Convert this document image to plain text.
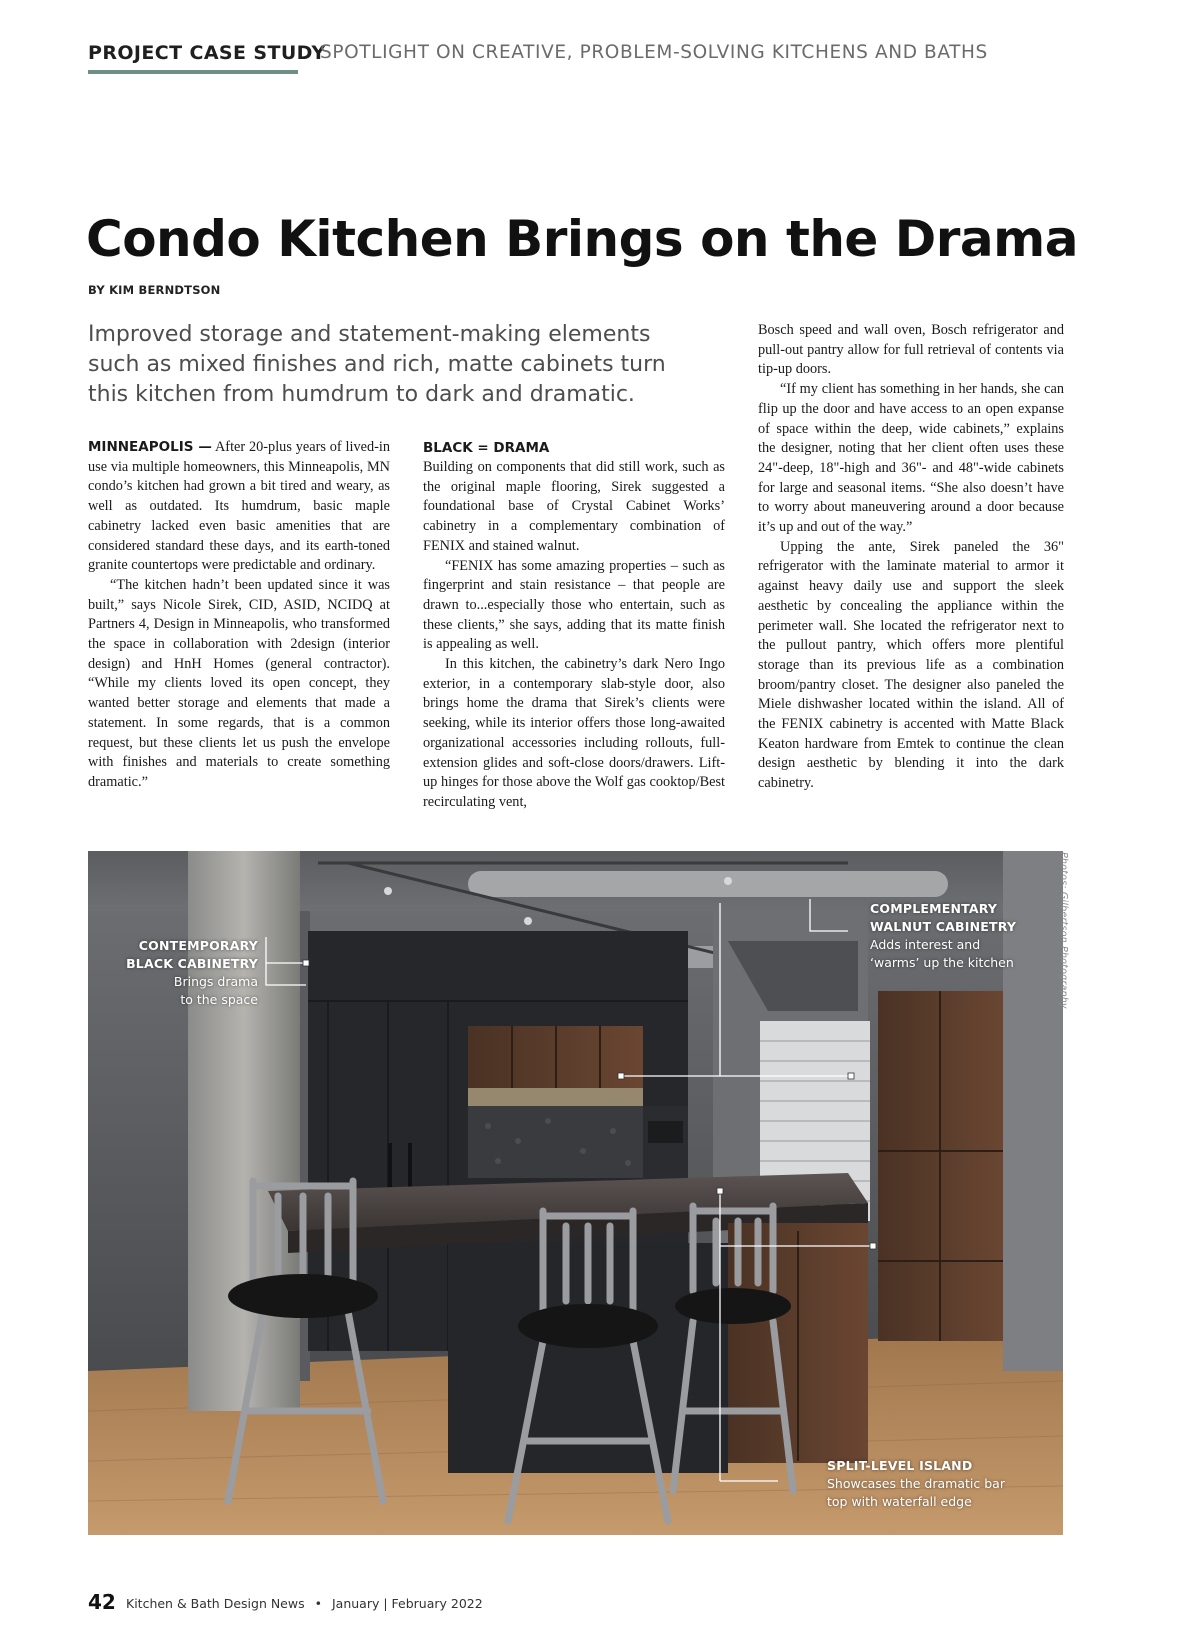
PROJECT CASE STUDY
SPOTLIGHT ON CREATIVE, PROBLEM-SOLVING KITCHENS AND BATHS
Condo Kitchen Brings on the Drama
BY KIM BERNDTSON

Improved storage and statement-making elements such as mixed finishes and rich, matte cabinets turn this kitchen from humdrum to dark and dramatic.

MINNEAPOLIS — After 20-plus years of lived-in use via multiple homeowners, this Minneapolis, MN condo’s kitchen had grown a bit tired and weary, as well as outdated. Its humdrum, basic maple cabinetry lacked even basic amenities that are considered standard these days, and its earth-toned granite countertops were predictable and ordinary.

“The kitchen hadn’t been updated since it was built,” says Nicole Sirek, CID, ASID, NCIDQ at Partners 4, Design in Minneapolis, who transformed the space in collaboration with 2design (interior design) and HnH Homes (general contractor). “While my clients loved its open concept, they wanted better storage and elements that made a statement. In some regards, that is a common request, but these clients let us push the envelope with finishes and materials to create something dramatic.”

BLACK = DRAMA

Building on components that did still work, such as the original maple flooring, Sirek suggested a foundational base of Crystal Cabinet Works’ cabinetry in a complementary combination of FENIX and stained walnut.

“FENIX has some amazing properties – such as fingerprint and stain resistance – that people are drawn to...especially those who entertain, such as these clients,” she says, adding that its matte finish is appealing as well.

In this kitchen, the cabinetry’s dark Nero Ingo exterior, in a contemporary slab-style door, also brings home the drama that Sirek’s clients were seeking, while its interior offers those long-awaited organizational accessories including rollouts, full-extension glides and soft-close doors/drawers. Lift-up hinges for those above the Wolf gas cooktop/Best recirculating vent,

Bosch speed and wall oven, Bosch refrigerator and pull-out pantry allow for full retrieval of contents via tip-up doors.

“If my client has something in her hands, she can flip up the door and have access to an open expanse of space within the deep, wide cabinets,” explains the designer, noting that her client often uses these 24"-deep, 18"-high and 36"- and 48"-wide cabinets for large and seasonal items. “She also doesn’t have to worry about maneuvering around a door because it’s up and out of the way.”

Upping the ante, Sirek paneled the 36" refrigerator with the laminate material to armor it against heavy daily use and support the sleek aesthetic by concealing the appliance within the perimeter wall. She located the refrigerator next to the pullout pantry, which offers more plentiful storage than its previous life as a combination broom/pantry closet. The designer also paneled the Miele dishwasher located within the island. All of the FENIX cabinetry is accented with Matte Black Keaton hardware from Emtek to continue the clean design aesthetic by blending it into the dark cabinetry.

Photos: Gilbertson Photography
CONTEMPORARY
BLACK CABINETRY
Brings drama
to the space
COMPLEMENTARY
WALNUT CABINETRY
Adds interest and
‘warms’ up the kitchen
SPLIT-LEVEL ISLAND
Showcases the dramatic bar
top with waterfall edge
42 Kitchen & Bath Design News • January | February 2022
